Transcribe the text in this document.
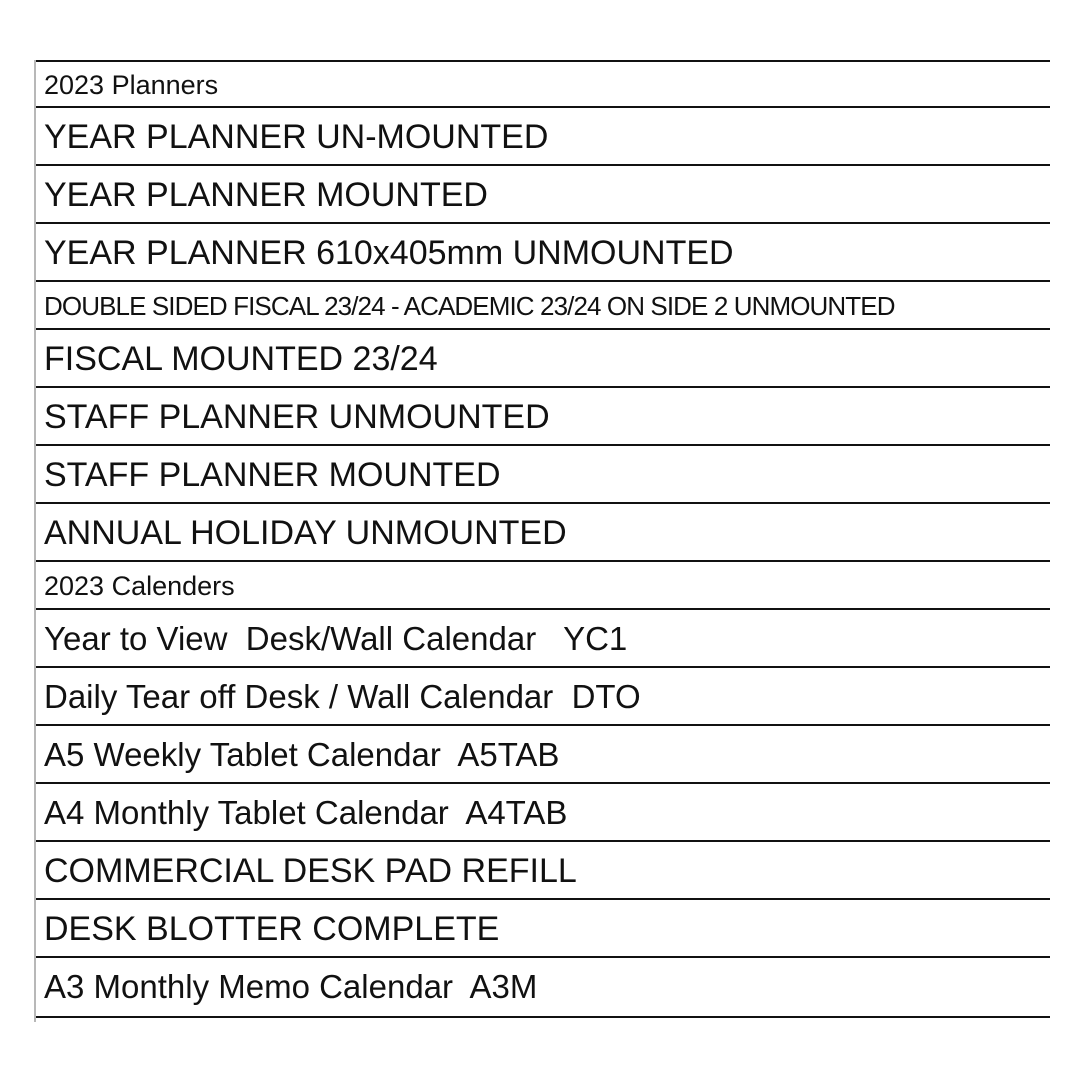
2023 Planners
YEAR PLANNER UN-MOUNTED
YEAR PLANNER MOUNTED
YEAR PLANNER 610x405mm UNMOUNTED
DOUBLE SIDED FISCAL 23/24 - ACADEMIC 23/24 ON SIDE 2 UNMOUNTED
FISCAL MOUNTED 23/24
STAFF PLANNER UNMOUNTED
STAFF PLANNER MOUNTED
ANNUAL HOLIDAY UNMOUNTED
2023 Calenders
Year to View  Desk/Wall Calendar   YC1
Daily Tear off Desk / Wall Calendar  DTO
A5 Weekly Tablet Calendar  A5TAB
A4 Monthly Tablet Calendar  A4TAB
COMMERCIAL DESK PAD REFILL
DESK BLOTTER COMPLETE
A3 Monthly Memo Calendar  A3M
